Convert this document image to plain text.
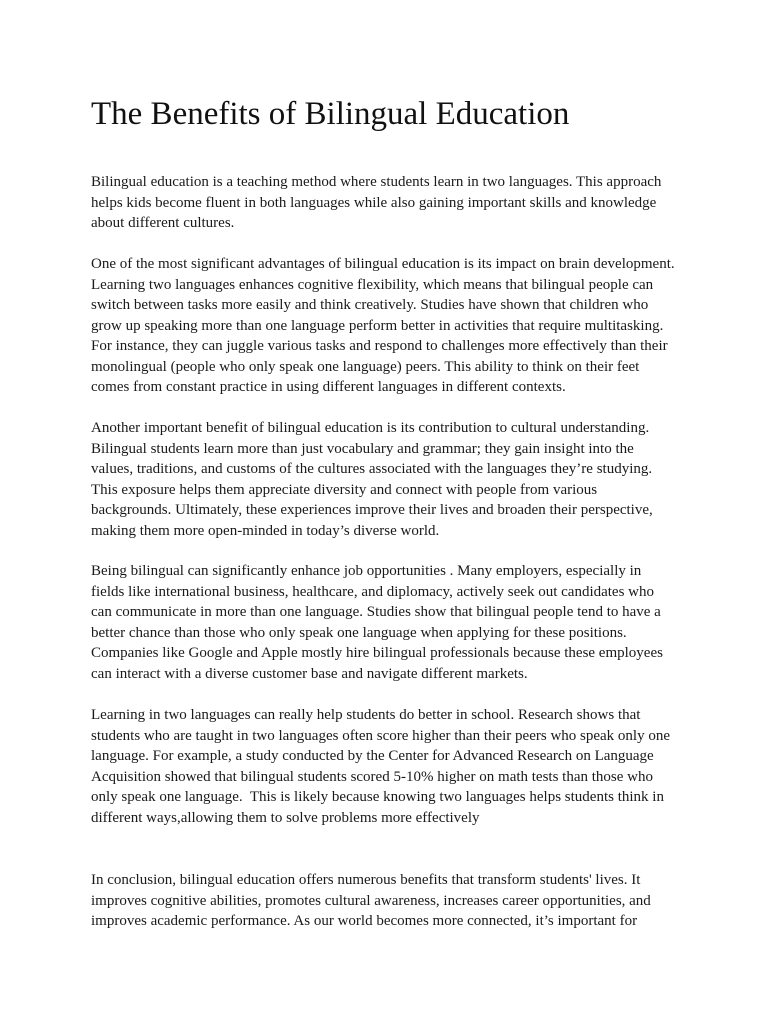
The Benefits of Bilingual Education

Bilingual education is a teaching method where students learn in two languages. This approach
helps kids become fluent in both languages while also gaining important skills and knowledge
about different cultures.

One of the most significant advantages of bilingual education is its impact on brain development.
Learning two languages enhances cognitive flexibility, which means that bilingual people can
switch between tasks more easily and think creatively. Studies have shown that children who
grow up speaking more than one language perform better in activities that require multitasking.
For instance, they can juggle various tasks and respond to challenges more effectively than their
monolingual (people who only speak one language) peers. This ability to think on their feet
comes from constant practice in using different languages in different contexts.

Another important benefit of bilingual education is its contribution to cultural understanding.
Bilingual students learn more than just vocabulary and grammar; they gain insight into the
values, traditions, and customs of the cultures associated with the languages they’re studying.
This exposure helps them appreciate diversity and connect with people from various
backgrounds. Ultimately, these experiences improve their lives and broaden their perspective,
making them more open-minded in today’s diverse world.

Being bilingual can significantly enhance job opportunities . Many employers, especially in
fields like international business, healthcare, and diplomacy, actively seek out candidates who
can communicate in more than one language. Studies show that bilingual people tend to have a
better chance than those who only speak one language when applying for these positions.
Companies like Google and Apple mostly hire bilingual professionals because these employees
can interact with a diverse customer base and navigate different markets.

Learning in two languages can really help students do better in school. Research shows that
students who are taught in two languages often score higher than their peers who speak only one
language. For example, a study conducted by the Center for Advanced Research on Language
Acquisition showed that bilingual students scored 5-10% higher on math tests than those who
only speak one language.  This is likely because knowing two languages helps students think in
different ways,allowing them to solve problems more effectively

In conclusion, bilingual education offers numerous benefits that transform students' lives. It
improves cognitive abilities, promotes cultural awareness, increases career opportunities, and
improves academic performance. As our world becomes more connected, it’s important for
